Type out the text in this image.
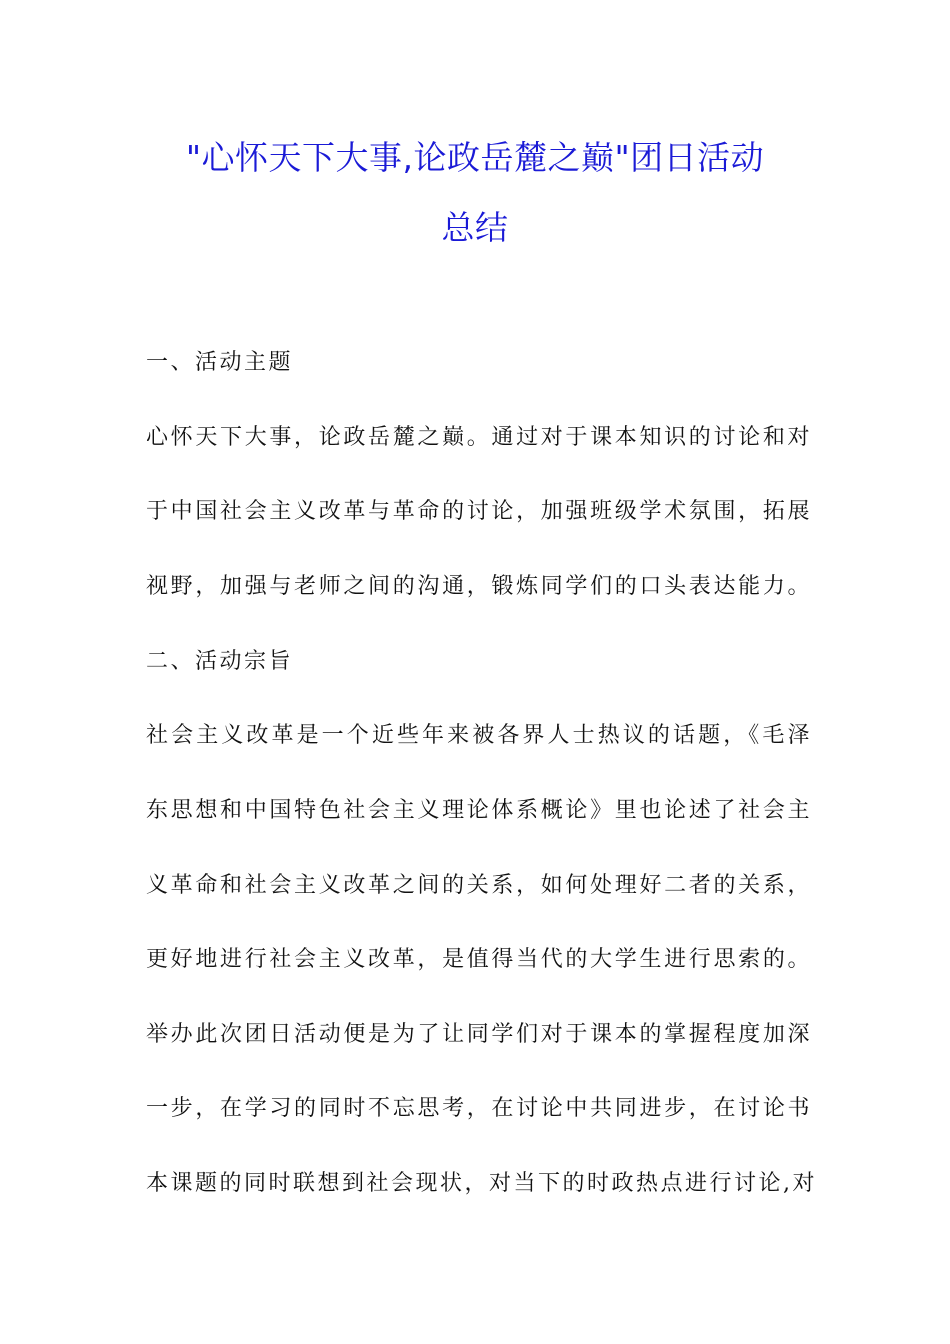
"心怀天下大事,论政岳麓之巅"团日活动
总结

一、活动主题

心怀天下大事，论政岳麓之巅。通过对于课本知识的讨论和对

于中国社会主义改革与革命的讨论，加强班级学术氛围，拓展

视野，加强与老师之间的沟通，锻炼同学们的口头表达能力。

二、活动宗旨

社会主义改革是一个近些年来被各界人士热议的话题，《毛泽

东思想和中国特色社会主义理论体系概论》里也论述了社会主

义革命和社会主义改革之间的关系，如何处理好二者的关系，

更好地进行社会主义改革，是值得当代的大学生进行思索的。

举办此次团日活动便是为了让同学们对于课本的掌握程度加深

一步，在学习的同时不忘思考，在讨论中共同进步，在讨论书

本课题的同时联想到社会现状，对当下的时政热点进行讨论,对
